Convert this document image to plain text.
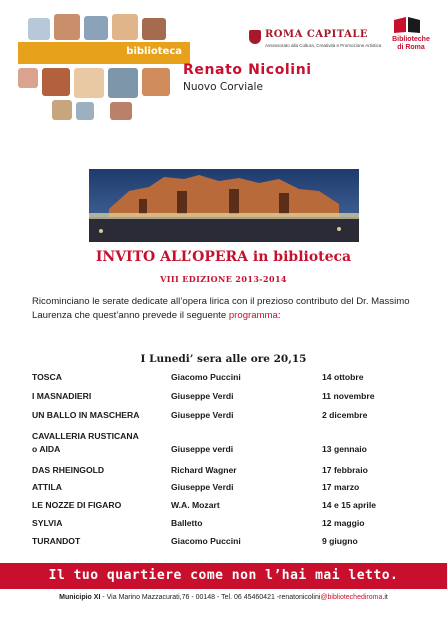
biblioteca
ROMA CAPITALE
Assessorato alla Cultura, Creatività e Promozione Artistica
Biblioteche
di Roma
Renato Nicolini
Nuovo Corviale
INVITO ALL’OPERA in biblioteca
VIII EDIZIONE 2013-2014
Ricominciano le serate dedicate all’opera lirica con il prezioso contributo del Dr. Massimo Laurenza che quest’anno prevede il seguente programma:
I Lunedi’ sera alle ore 20,15
TOSCA	Giacomo Puccini	14 ottobre
I MASNADIERI	Giuseppe Verdi	11 novembre
UN BALLO IN MASCHERA	Giuseppe Verdi	2 dicembre
CAVALLERIA RUSTICANA
o AIDA	Giuseppe verdi	13 gennaio
DAS RHEINGOLD	Richard Wagner	17 febbraio
ATTILA	Giuseppe Verdi	17 marzo
LE NOZZE DI FIGARO	W.A. Mozart	14 e 15 aprile
SYLVIA	Balletto	12 maggio
TURANDOT	Giacomo Puccini	9 giugno
Il tuo quartiere come non l’hai mai letto.
Municipio XI - Via Marino Mazzacurati,76 - 00148 - Tel. 06 45460421 -renatonicolini@bibliotechediroma.it
